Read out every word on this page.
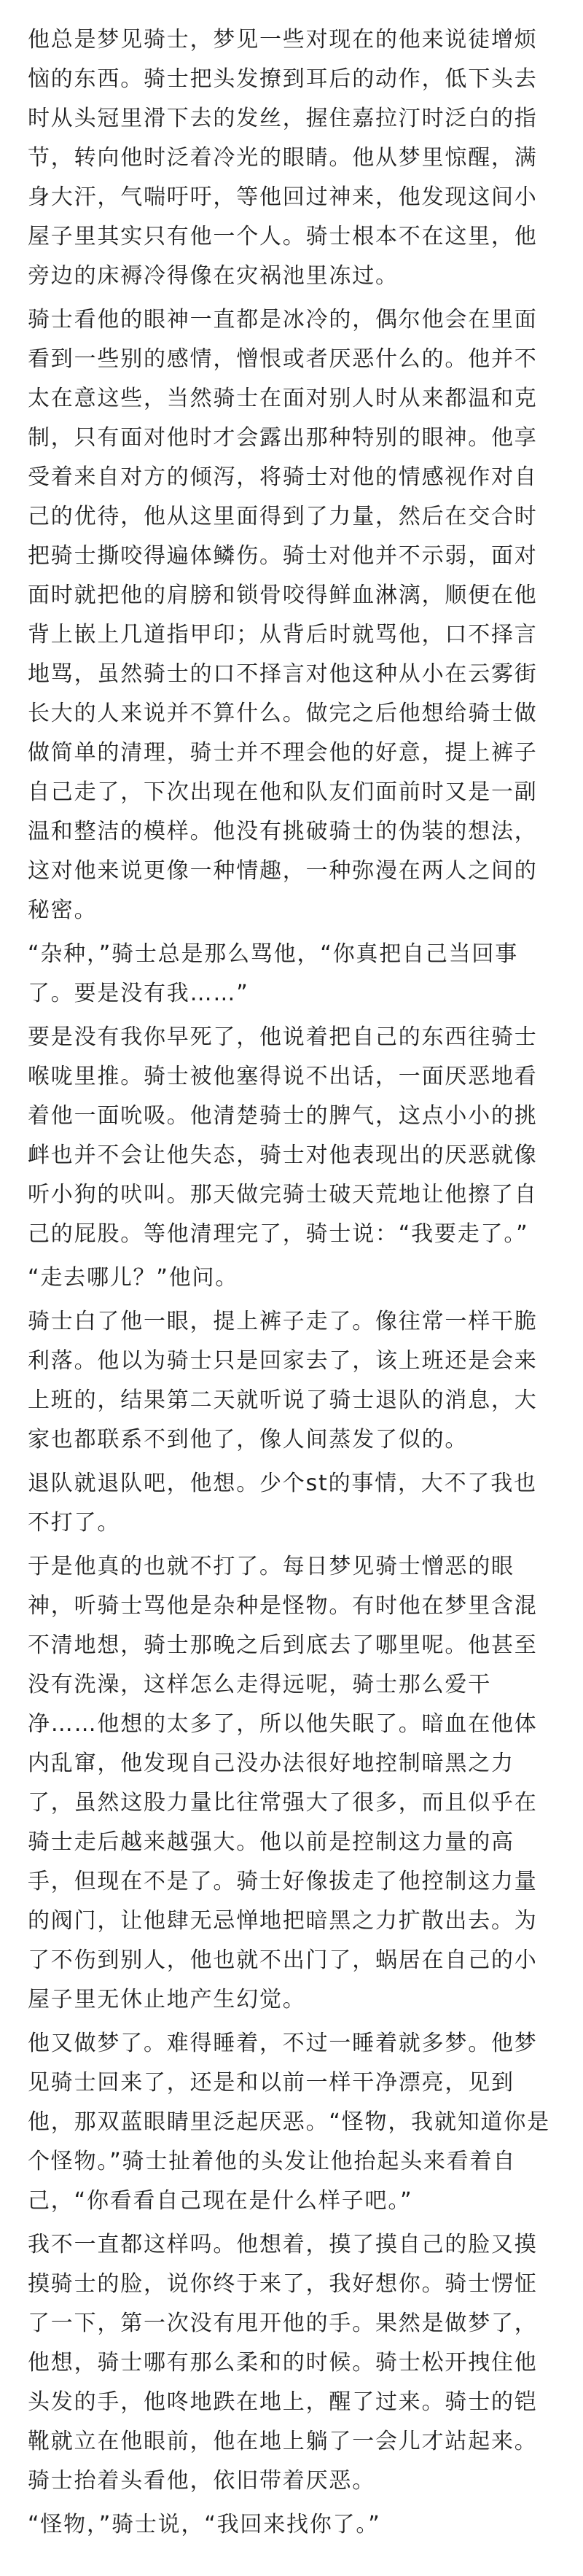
他总是梦见骑士，梦见一些对现在的他来说徒增烦恼的东西。骑士把头发撩到耳后的动作，低下头去时从头冠里滑下去的发丝，握住嘉拉汀时泛白的指节，转向他时泛着冷光的眼睛。他从梦里惊醒，满身大汗，气喘吁吁，等他回过神来，他发现这间小屋子里其实只有他一个人。骑士根本不在这里，他旁边的床褥冷得像在灾祸池里冻过。

骑士看他的眼神一直都是冰冷的，偶尔他会在里面看到一些别的感情，憎恨或者厌恶什么的。他并不太在意这些，当然骑士在面对别人时从来都温和克制，只有面对他时才会露出那种特别的眼神。他享受着来自对方的倾泻，将骑士对他的情感视作对自己的优待，他从这里面得到了力量，然后在交合时把骑士撕咬得遍体鳞伤。骑士对他并不示弱，面对面时就把他的肩膀和锁骨咬得鲜血淋漓，顺便在他背上嵌上几道指甲印；从背后时就骂他，口不择言地骂，虽然骑士的口不择言对他这种从小在云雾街长大的人来说并不算什么。做完之后他想给骑士做做简单的清理，骑士并不理会他的好意，提上裤子自己走了，下次出现在他和队友们面前时又是一副温和整洁的模样。他没有挑破骑士的伪装的想法，这对他来说更像一种情趣，一种弥漫在两人之间的秘密。

“杂种，”骑士总是那么骂他，“你真把自己当回事了。要是没有我……”

要是没有我你早死了，他说着把自己的东西往骑士喉咙里推。骑士被他塞得说不出话，一面厌恶地看着他一面吮吸。他清楚骑士的脾气，这点小小的挑衅也并不会让他失态，骑士对他表现出的厌恶就像听小狗的吠叫。那天做完骑士破天荒地让他擦了自己的屁股。等他清理完了，骑士说：“我要走了。”

“走去哪儿？”他问。

骑士白了他一眼，提上裤子走了。像往常一样干脆利落。他以为骑士只是回家去了，该上班还是会来上班的，结果第二天就听说了骑士退队的消息，大家也都联系不到他了，像人间蒸发了似的。

退队就退队吧，他想。少个st的事情，大不了我也不打了。

于是他真的也就不打了。每日梦见骑士憎恶的眼神，听骑士骂他是杂种是怪物。有时他在梦里含混不清地想，骑士那晚之后到底去了哪里呢。他甚至没有洗澡，这样怎么走得远呢，骑士那么爱干净……他想的太多了，所以他失眠了。暗血在他体内乱窜，他发现自己没办法很好地控制暗黑之力了，虽然这股力量比往常强大了很多，而且似乎在骑士走后越来越强大。他以前是控制这力量的高手，但现在不是了。骑士好像拔走了他控制这力量的阀门，让他肆无忌惮地把暗黑之力扩散出去。为了不伤到别人，他也就不出门了，蜗居在自己的小屋子里无休止地产生幻觉。

他又做梦了。难得睡着，不过一睡着就多梦。他梦见骑士回来了，还是和以前一样干净漂亮，见到他，那双蓝眼睛里泛起厌恶。“怪物，我就知道你是个怪物。”骑士扯着他的头发让他抬起头来看着自己，“你看看自己现在是什么样子吧。”

我不一直都这样吗。他想着，摸了摸自己的脸又摸摸骑士的脸，说你终于来了，我好想你。骑士愣怔了一下，第一次没有甩开他的手。果然是做梦了，他想，骑士哪有那么柔和的时候。骑士松开拽住他头发的手，他咚地跌在地上，醒了过来。骑士的铠靴就立在他眼前，他在地上躺了一会儿才站起来。骑士抬着头看他，依旧带着厌恶。

“怪物，”骑士说，“我回来找你了。”
